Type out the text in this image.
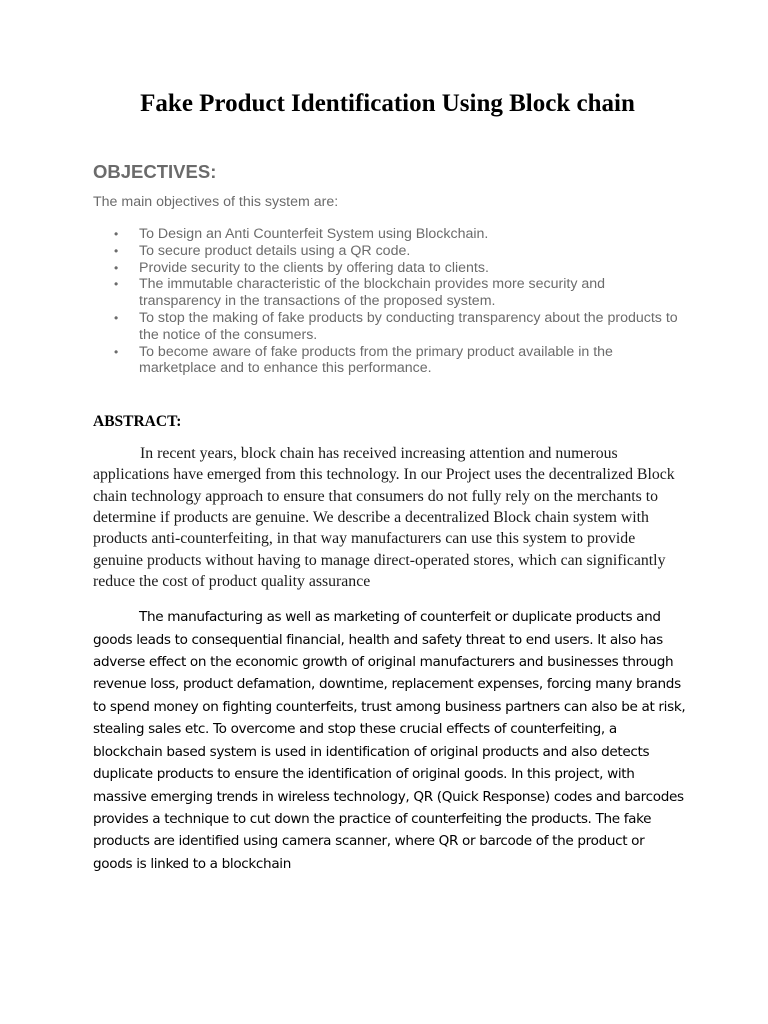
Fake Product Identification Using Block chain
OBJECTIVES:

The main objectives of this system are:

• To Design an Anti Counterfeit System using Blockchain.
• To secure product details using a QR code.
• Provide security to the clients by offering data to clients.
• The immutable characteristic of the blockchain provides more security and transparency in the transactions of the proposed system.
• To stop the making of fake products by conducting transparency about the products to the notice of the consumers.
• To become aware of fake products from the primary product available in the marketplace and to enhance this performance.
ABSTRACT:

In recent years, block chain has received increasing attention and numerous applications have emerged from this technology. In our Project uses the decentralized Block chain technology approach to ensure that consumers do not fully rely on the merchants to determine if products are genuine. We describe a decentralized Block chain system with products anti-counterfeiting, in that way manufacturers can use this system to provide genuine products without having to manage direct-operated stores, which can significantly reduce the cost of product quality assurance

The manufacturing as well as marketing of counterfeit or duplicate products and goods leads to consequential financial, health and safety threat to end users. It also has adverse effect on the economic growth of original manufacturers and businesses through revenue loss, product defamation, downtime, replacement expenses, forcing many brands to spend money on fighting counterfeits, trust among business partners can also be at risk, stealing sales etc. To overcome and stop these crucial effects of counterfeiting, a blockchain based system is used in identification of original products and also detects duplicate products to ensure the identification of original goods. In this project, with massive emerging trends in wireless technology, QR (Quick Response) codes and barcodes provides a technique to cut down the practice of counterfeiting the products. The fake products are identified using camera scanner, where QR or barcode of the product or goods is linked to a blockchain
